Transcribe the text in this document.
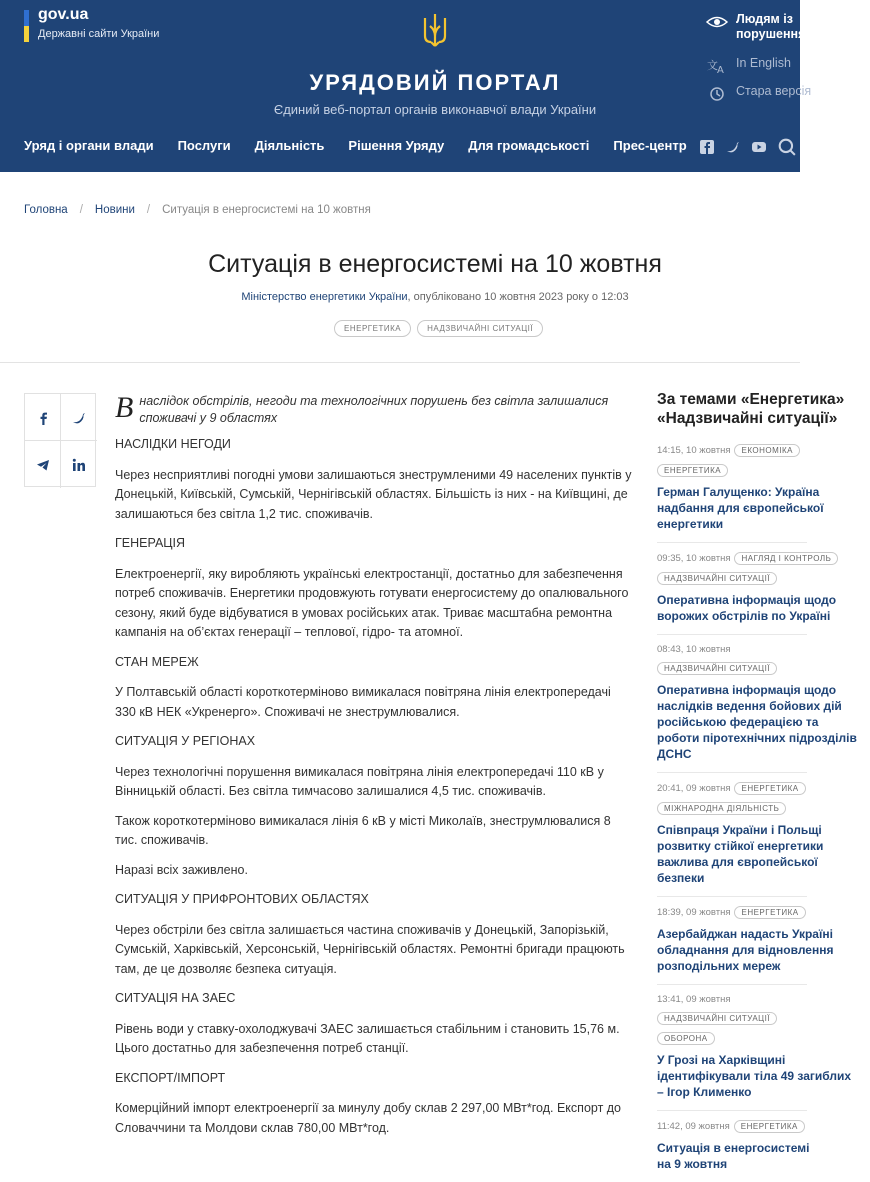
gov.ua
Державні сайти України
УРЯДОВИЙ ПОРТАЛ
Єдиний веб-портал органів виконавчої влади України
Людям із
порушенням
文 A
In English
Стара версія
Уряд і органи влади Послуги Діяльність Рішення Уряду Для громадськості Прес-центр
Головна / Новини / Ситуація в енергосистемі на 10 жовтня
Ситуація в енергосистемі на 10 жовтня
Міністерство енергетики України, опубліковано 10 жовтня 2023 року о 12:03
ЕНЕРГЕТИКА	НАДЗВИЧАЙНІ СИТУАЦІЇ
В наслідок обстрілів, негоди та технологічних порушень без світла залишалися споживачі у 9 областях
НАСЛІДКИ НЕГОДИ

Через несприятливі погодні умови залишаються знеструмленими 49 населених пунктів у Донецькій, Київській, Сумській, Чернігівській областях. Більшість із них - на Київщині, де залишаються без світла 1,2 тис. споживачів.

ГЕНЕРАЦІЯ

Електроенергії, яку виробляють українські електростанції, достатньо для забезпечення потреб споживачів. Енергетики продовжують готувати енергосистему до опалювального сезону, який буде відбуватися в умовах російських атак. Триває масштабна ремонтна кампанія на об’єктах генерації – теплової, гідро- та атомної.

СТАН МЕРЕЖ

У Полтавській області короткотерміново вимикалася повітряна лінія електропередачі 330 кВ НЕК «Укренерго». Споживачі не знеструмлювалися.

СИТУАЦІЯ У РЕГІОНАХ

Через технологічні порушення вимикалася повітряна лінія електропередачі 110 кВ у Вінницькій області. Без світла тимчасово залишалися 4,5 тис. споживачів.

Також короткотерміново вимикалася лінія 6 кВ у місті Миколаїв, знеструмлювалися 8 тис. споживачів.

Наразі всіх заживлено.

СИТУАЦІЯ У ПРИФРОНТОВИХ ОБЛАСТЯХ

Через обстріли без світла залишається частина споживачів у Донецькій, Запорізькій, Сумській, Харківській, Херсонській, Чернігівській областях. Ремонтні бригади працюють там, де це дозволяє безпека ситуація.

СИТУАЦІЯ НА ЗАЕС

Рівень води у ставку-охолоджувачі ЗАЕС залишається стабільним і становить 15,76 м. Цього достатньо для забезпечення потреб станції.

ЕКСПОРТ/ІМПОРТ

Комерційний імпорт електроенергії за минулу добу склав 2 297,00 МВт*год. Експорт до Словаччини та Молдови склав 780,00 МВт*год.

За темами «Енергетика»
«Надзвичайні ситуації»
14:15, 10 жовтня	ЕКОНОМІКА
ЕНЕРГЕТИКА
Герман Галущенко: Україна
надбання для європейської
енергетики
09:35, 10 жовтня	НАГЛЯД І КОНТРОЛЬ
НАДЗВИЧАЙНІ СИТУАЦІЇ
Оперативна інформація щодо
ворожих обстрілів по Україні
08:43, 10 жовтня
НАДЗВИЧАЙНІ СИТУАЦІЇ
Оперативна інформація щодо
наслідків ведення бойових дій
російською федерацією та
роботи піротехнічних підрозділів
ДСНС
20:41, 09 жовтня	ЕНЕРГЕТИКА
МІЖНАРОДНА ДІЯЛЬНІСТЬ
Співпраця України і Польщі
розвитку стійкої енергетики
важлива для європейської
безпеки
18:39, 09 жовтня	ЕНЕРГЕТИКА
Азербайджан надасть Україні
обладнання для відновлення
розподільних мереж
13:41, 09 жовтня
НАДЗВИЧАЙНІ СИТУАЦІЇ
ОБОРОНА
У Грозі на Харківщині
ідентифікували тіла 49 загиблих
– Ігор Клименко
11:42, 09 жовтня	ЕНЕРГЕТИКА
Ситуація в енергосистемі
на 9 жовтня
